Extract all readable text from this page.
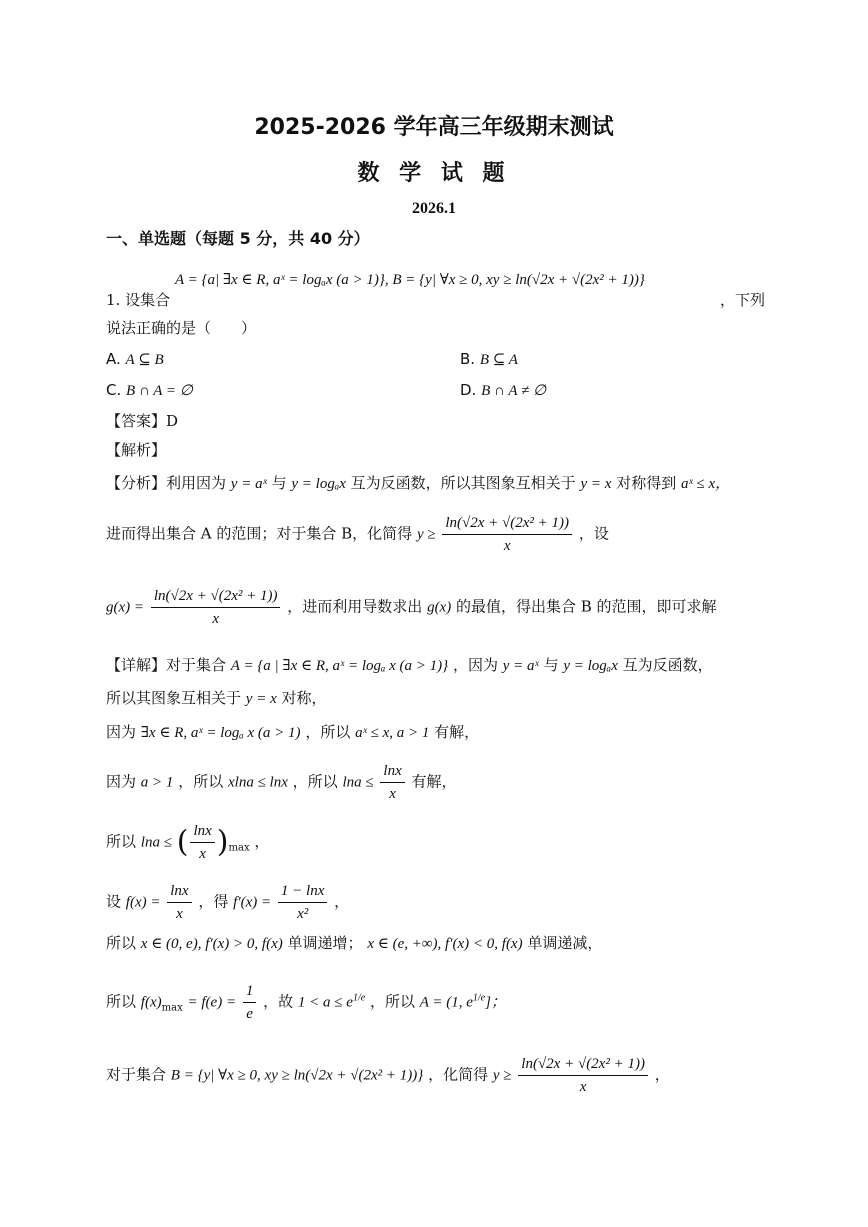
2025-2026 学年高三年级期末测试
数 学 试 题
2026.1
一、单选题（每题 5 分，共 40 分）
A = {a| ∃x ∈ R, aˣ = logₐx (a > 1)}, B = {y| ∀x ≥ 0, xy ≥ ln(√2x + √(2x² + 1))}
1. 设集合	，下列
说法正确的是（　　）
A. A ⊆ B	B. B ⊆ A
C. B ∩ A = ∅	D. B ∩ A ≠ ∅
【答案】D
【解析】
【分析】利用因为 y = aˣ 与 y = logₐx 互为反函数，所以其图象互相关于 y = x 对称得到 aˣ ≤ x，
进而得出集合 A 的范围；对于集合 B，化简得 $y \ge \frac{\text{ln(√2x + √(2x² + 1))}}{x}$ ，设
$g(x) = \frac{\text{ln(√2x + √(2x² + 1))}}{x}$ ，进而利用导数求出 g(x) 的最值，得出集合 B 的范围，即可求解
【详解】对于集合 A = {a | ∃x ∈ R, aˣ = logₐ x (a > 1)} ，因为 y = aˣ 与 y = logₐx 互为反函数，
所以其图象互相关于 y = x 对称，
因为 ∃x ∈ R, aˣ = logₐ x (a > 1) ，所以 aˣ ≤ x, a > 1 有解，
因为 a > 1 ，所以 xlna ≤ lnx ，所以 $\ln a \le \frac{\ln x}{x}$ 有解，
所以 lna ≤ ( $\frac{\ln x}{x} )_{max}$ ，
设 $f(x) = \frac{\ln x}{x}$ ，得 $f'(x) = \frac{1 - \ln x}{\text{x²}}$ ，
所以 x ∈ (0, e), f′(x) > 0, f(x) 单调递增； x ∈ (e, +∞), f′(x) < 0, f(x) 单调递减，
所以 $f(x)_{max} = f(e) = \frac{1}{e}$ ，故 $1 < a \le e^{1/e}$ ，所以 A = (1, $e^{1/e}$]；
对于集合 B = {y| ∀x ≥ 0, xy ≥ ln(√2x + √(2x² + 1))} ，化简得 $y \ge \frac{\text{ln(√2x + √(2x² + 1))}}{x}$ ，
